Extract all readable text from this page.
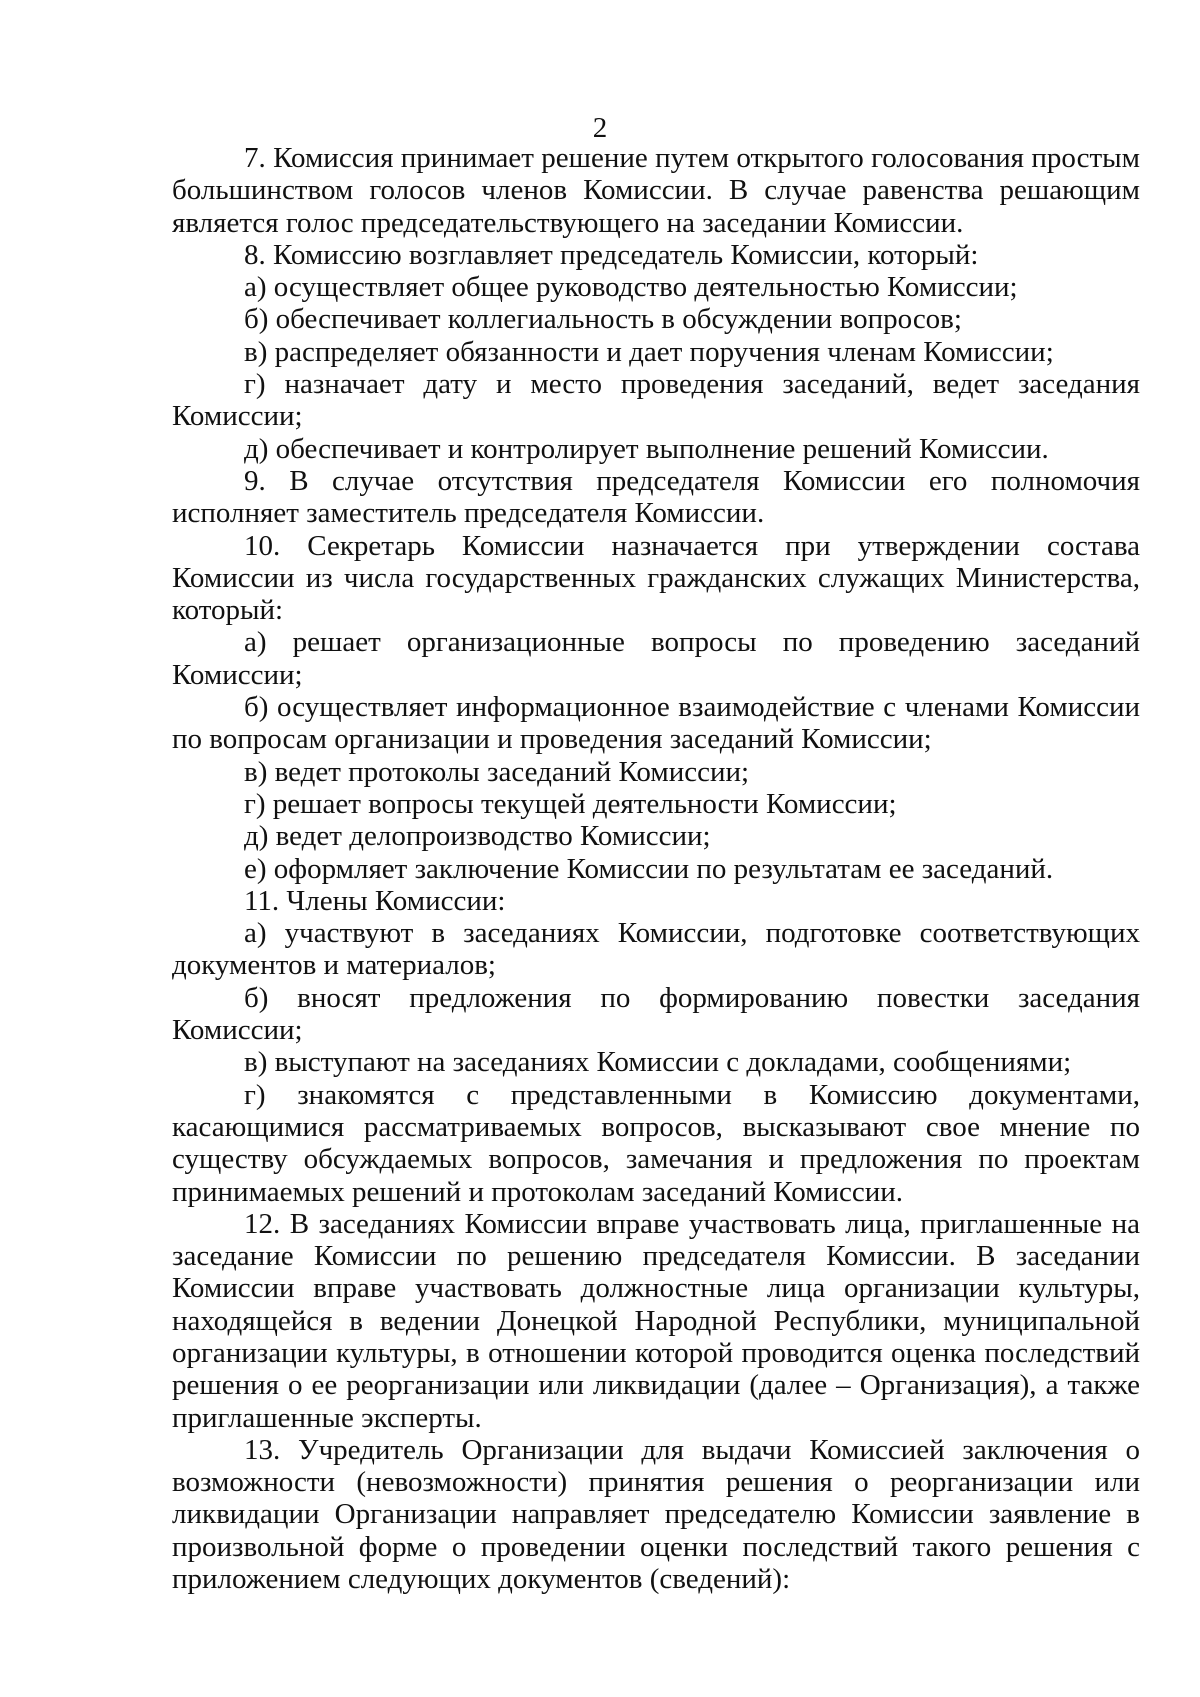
2

7. Комиссия принимает решение путем открытого голосования простым большинством голосов членов Комиссии. В случае равенства решающим является голос председательствующего на заседании Комиссии.

8. Комиссию возглавляет председатель Комиссии, который:

а) осуществляет общее руководство деятельностью Комиссии;

б) обеспечивает коллегиальность в обсуждении вопросов;

в) распределяет обязанности и дает поручения членам Комиссии;

г) назначает дату и место проведения заседаний, ведет заседания Комиссии;

д) обеспечивает и контролирует выполнение решений Комиссии.

9. В случае отсутствия председателя Комиссии его полномочия исполняет заместитель председателя Комиссии.

10. Секретарь Комиссии назначается при утверждении состава Комиссии из числа государственных гражданских служащих Министерства, который:

а) решает организационные вопросы по проведению заседаний Комиссии;

б) осуществляет информационное взаимодействие с членами Комиссии по вопросам организации и проведения заседаний Комиссии;

в) ведет протоколы заседаний Комиссии;

г) решает вопросы текущей деятельности Комиссии;

д) ведет делопроизводство Комиссии;

е) оформляет заключение Комиссии по результатам ее заседаний.

11. Члены Комиссии:

а) участвуют в заседаниях Комиссии, подготовке соответствующих документов и материалов;

б) вносят предложения по формированию повестки заседания Комиссии;

в) выступают на заседаниях Комиссии с докладами, сообщениями;

г) знакомятся с представленными в Комиссию документами, касающимися рассматриваемых вопросов, высказывают свое мнение по существу обсуждаемых вопросов, замечания и предложения по проектам принимаемых решений и протоколам заседаний Комиссии.

12. В заседаниях Комиссии вправе участвовать лица, приглашенные на заседание Комиссии по решению председателя Комиссии. В заседании Комиссии вправе участвовать должностные лица организации культуры, находящейся в ведении Донецкой Народной Республики, муниципальной организации культуры, в отношении которой проводится оценка последствий решения о ее реорганизации или ликвидации (далее – Организация), а также приглашенные эксперты.

13. Учредитель Организации для выдачи Комиссией заключения о возможности (невозможности) принятия решения о реорганизации или ликвидации Организации направляет председателю Комиссии заявление в произвольной форме о проведении оценки последствий такого решения с приложением следующих документов (сведений):
